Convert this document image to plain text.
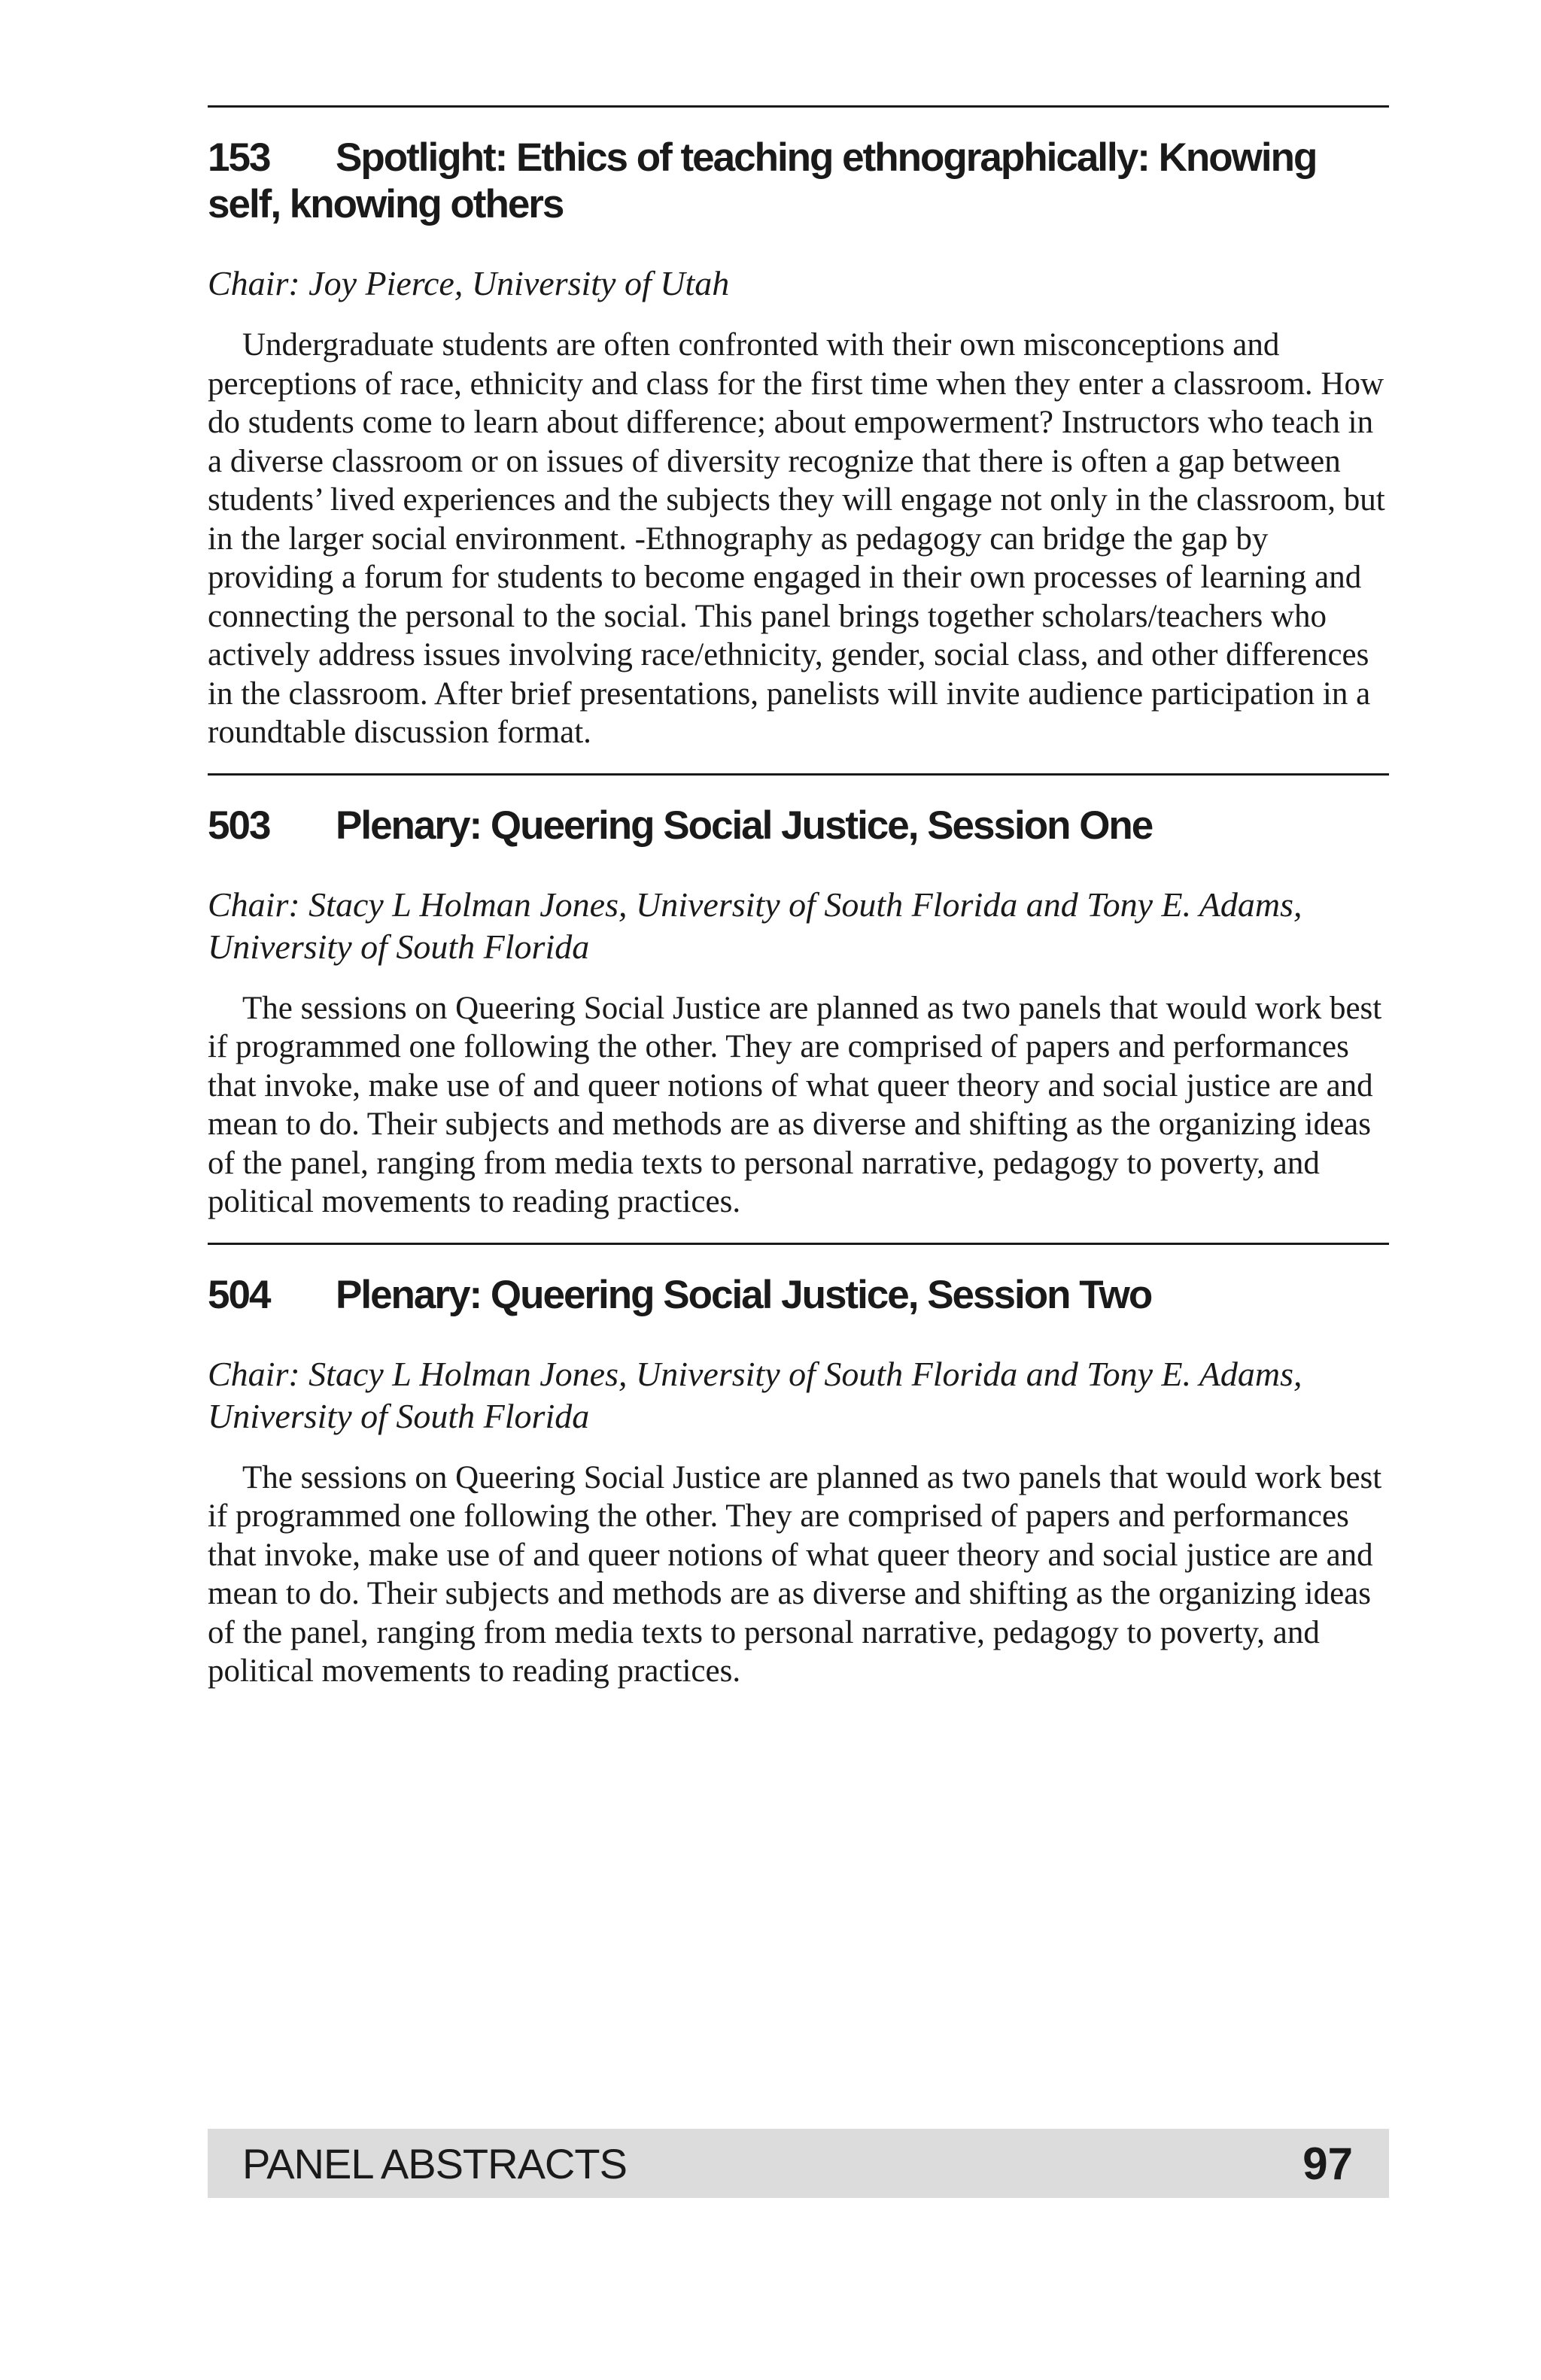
153 Spotlight: Ethics of teaching ethnographically: Knowing self, knowing others

Chair: Joy Pierce, University of Utah

Undergraduate students are often confronted with their own misconceptions and perceptions of race, ethnicity and class for the first time when they enter a classroom. How do students come to learn about difference; about empowerment? Instructors who teach in a diverse classroom or on issues of diversity recognize that there is often a gap between students’ lived experiences and the subjects they will engage not only in the classroom, but in the larger social environment. -Ethnography as pedagogy can bridge the gap by providing a forum for students to become engaged in their own processes of learning and connecting the personal to the social. This panel brings together scholars/teachers who actively address issues involving race/ethnicity, gender, social class, and other differences in the classroom. After brief presentations, panelists will invite audience participation in a roundtable discussion format.

503	Plenary: Queering Social Justice, Session One

Chair: Stacy L Holman Jones, University of South Florida and Tony E. Adams, University of South Florida

The sessions on Queering Social Justice are planned as two panels that would work best if programmed one following the other. They are comprised of papers and performances that invoke, make use of and queer notions of what queer theory and social justice are and mean to do. Their subjects and methods are as diverse and shifting as the organizing ideas of the panel, ranging from media texts to personal narrative, pedagogy to poverty, and political movements to reading practices.

504	Plenary: Queering Social Justice, Session Two

Chair: Stacy L Holman Jones, University of South Florida and Tony E. Adams, University of South Florida

The sessions on Queering Social Justice are planned as two panels that would work best if programmed one following the other. They are comprised of papers and performances that invoke, make use of and queer notions of what queer theory and social justice are and mean to do. Their subjects and methods are as diverse and shifting as the organizing ideas of the panel, ranging from media texts to personal narrative, pedagogy to poverty, and political movements to reading practices.

PANEL ABSTRACTS	97
